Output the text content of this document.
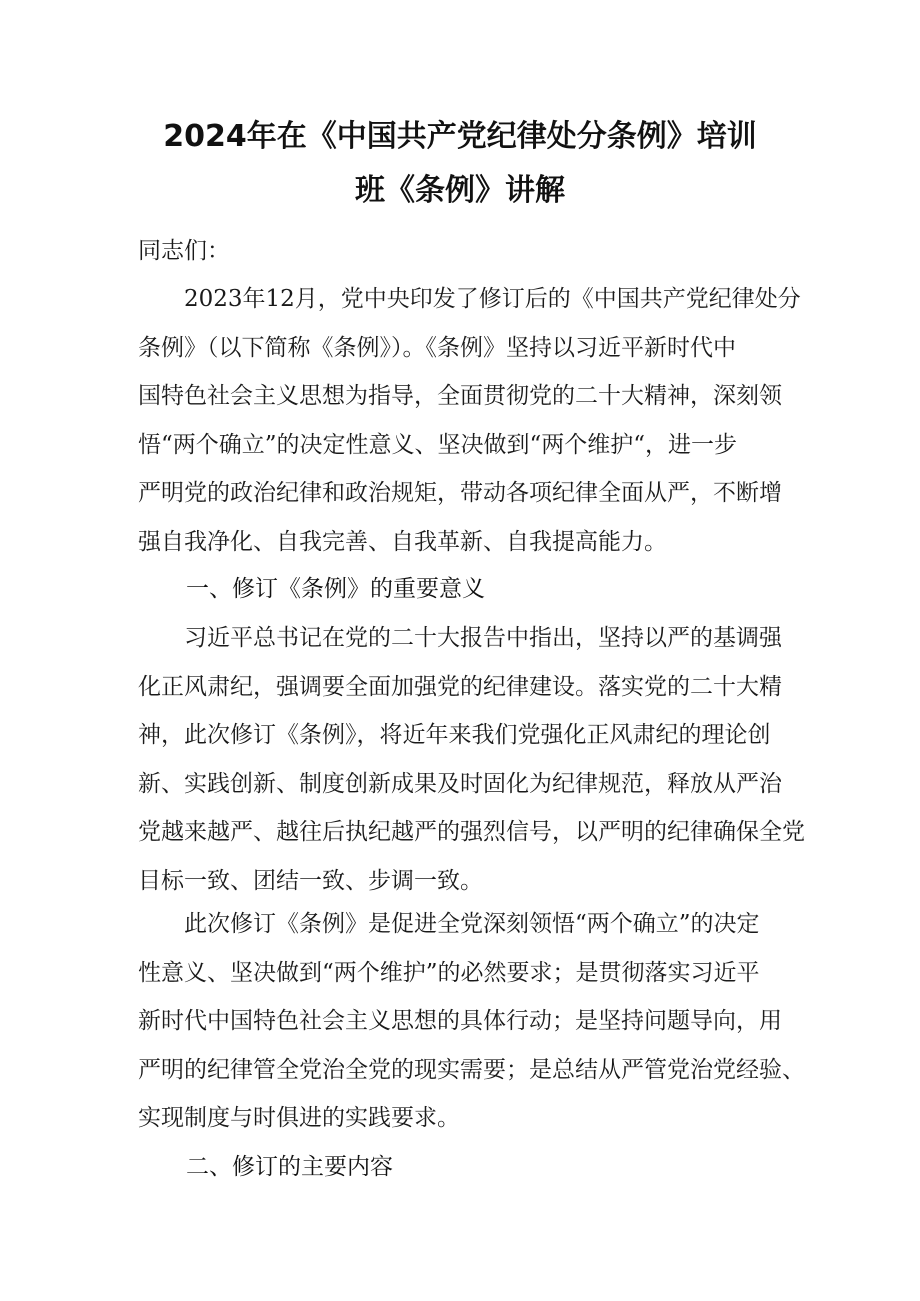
2024年在《中国共产党纪律处分条例》培训
班《条例》讲解

同志们：

　　2023年12月，党中央印发了修订后的《中国共产党纪律处分

条例》（以下简称《条例》）。《条例》坚持以习近平新时代中

国特色社会主义思想为指导，全面贯彻党的二十大精神，深刻领

悟“两个确立”的决定性意义、坚决做到“两个维护“，进一步

严明党的政治纪律和政治规矩，带动各项纪律全面从严，不断增

强自我净化、自我完善、自我革新、自我提高能力。

一、修订《条例》的重要意义

　　习近平总书记在党的二十大报告中指出，坚持以严的基调强

化正风肃纪，强调要全面加强党的纪律建设。落实党的二十大精

神，此次修订《条例》，将近年来我们党强化正风肃纪的理论创

新、实践创新、制度创新成果及时固化为纪律规范，释放从严治

党越来越严、越往后执纪越严的强烈信号，以严明的纪律确保全党

目标一致、团结一致、步调一致。

　　此次修订《条例》是促进全党深刻领悟“两个确立”的决定

性意义、坚决做到“两个维护”的必然要求；是贯彻落实习近平

新时代中国特色社会主义思想的具体行动；是坚持问题导向，用

严明的纪律管全党治全党的现实需要；是总结从严管党治党经验、

实现制度与时俱进的实践要求。

二、修订的主要内容
